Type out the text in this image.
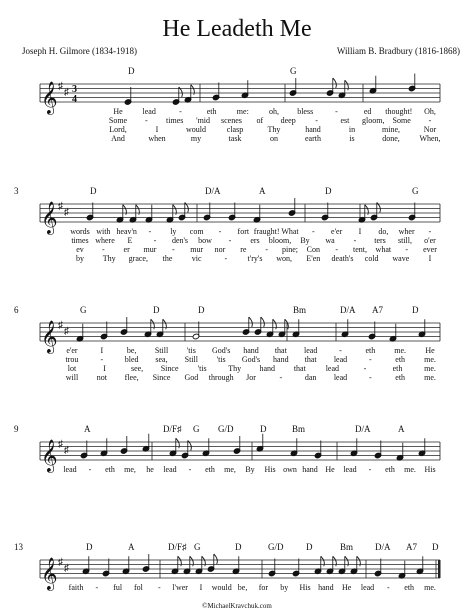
He Leadeth Me
Joseph H. Gilmore (1834-1918)	William B. Bradbury (1816-1868)
𝄞 ♯
♯ 3
4
D	G
He lead	-	eth	me:	oh, bless	-	ed thought! Oh,
Some - times 'mid scenes of deep -	est gloom, Some -
Lord,	I	would	clasp	Thy	hand	in	mine,	Nor
And	when	my	task	on	earth	is	done, When,
𝄞 ♯
♯
3	D	D/A	A	D	G
words with heav'n - ly com - fort fraught! What - e'er I do, wher -
times where E	- den's bow - ers bloom, By wa - ters still, o'er
ev - er mur - mur nor re - pine; Con - tent, what - ever
by Thy grace, the vic	-	t'ry's won, E'en death's cold wave I
𝄞 ♯
♯
6	G	D	D	Bm	D/A A7	D
e'er	I	be, Still 'tis God's hand that lead	-	eth me. He
trou	-	bled sea, Still 'tis God's hand that lead	-	eth me.
lot	I	see, Since 'tis	Thy hand that lead	-	eth	me.
will not flee, Since God through Jor	-	dan lead	-	eth me.
𝄞 ♯
♯
9	A	D/F♯ G G/D	D	Bm	D/A	A
lead - eth me, he lead - eth me, By His own hand He lead - eth me. His
𝄞 ♯
♯
13	D	A	D/F♯ G	D	G/D	D	Bm D/A A7 D
faith - ful fol - l'wer I would be, for by His hand He lead - eth me.
©MichaelKravchuk.com
